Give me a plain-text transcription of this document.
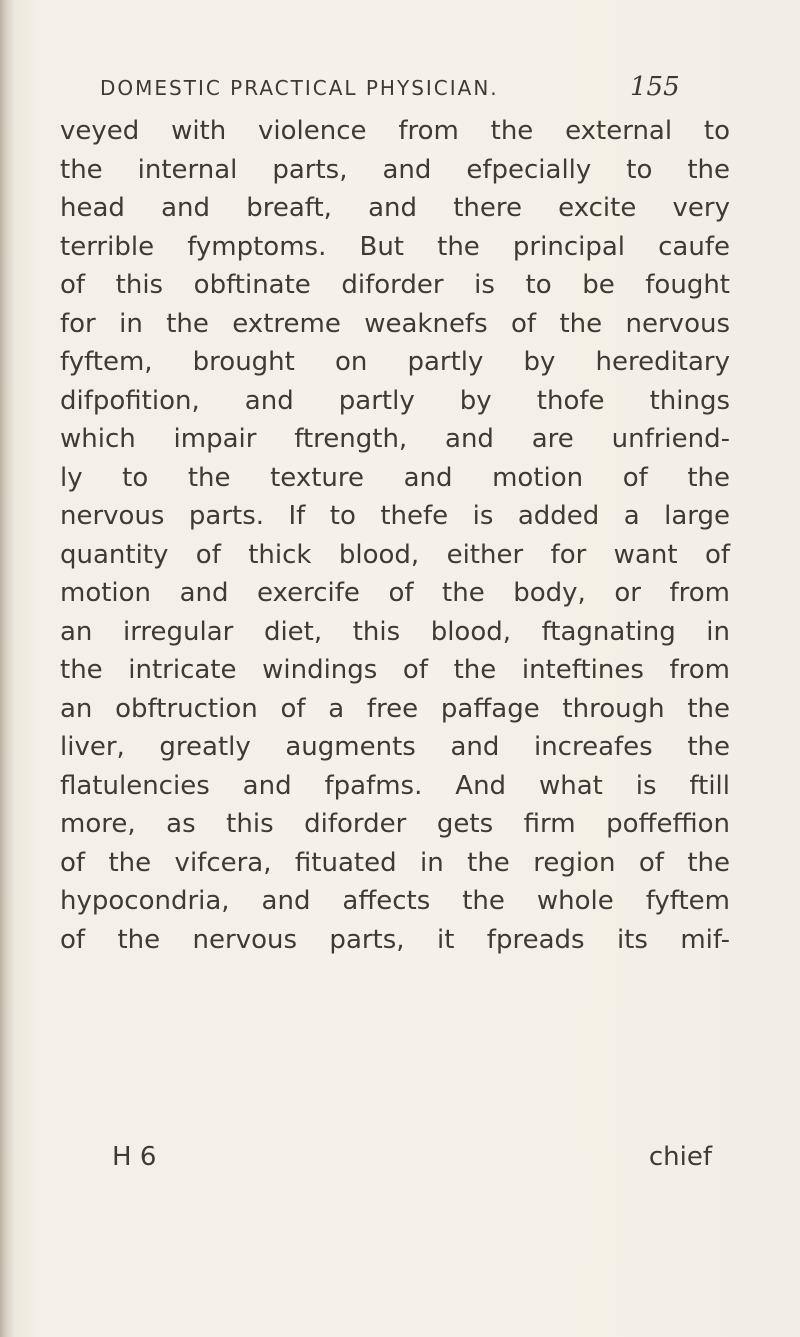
DOMESTIC PRACTICAL PHYSICIAN.	155
veyed with violence from the external to
the internal parts, and efpecially to the
head and breaft, and there excite very
terrible fymptoms. But the principal caufe
of this obftinate diforder is to be fought
for in the extreme weaknefs of the nervous
fyftem, brought on partly by hereditary
difpofition, and partly by thofe things
which impair ftrength, and are unfriend-
ly to the texture and motion of the
nervous parts. If to thefe is added a large
quantity of thick blood, either for want of
motion and exercife of the body, or from
an irregular diet, this blood, ftagnating in
the intricate windings of the inteftines from
an obftruction of a free paffage through the
liver, greatly augments and increafes the
flatulencies and fpafms. And what is ftill
more, as this diforder gets firm poffeffion
of the vifcera, fituated in the region of the
hypocondria, and affects the whole fyftem
of the nervous parts, it fpreads its mif-
H 6	chief
